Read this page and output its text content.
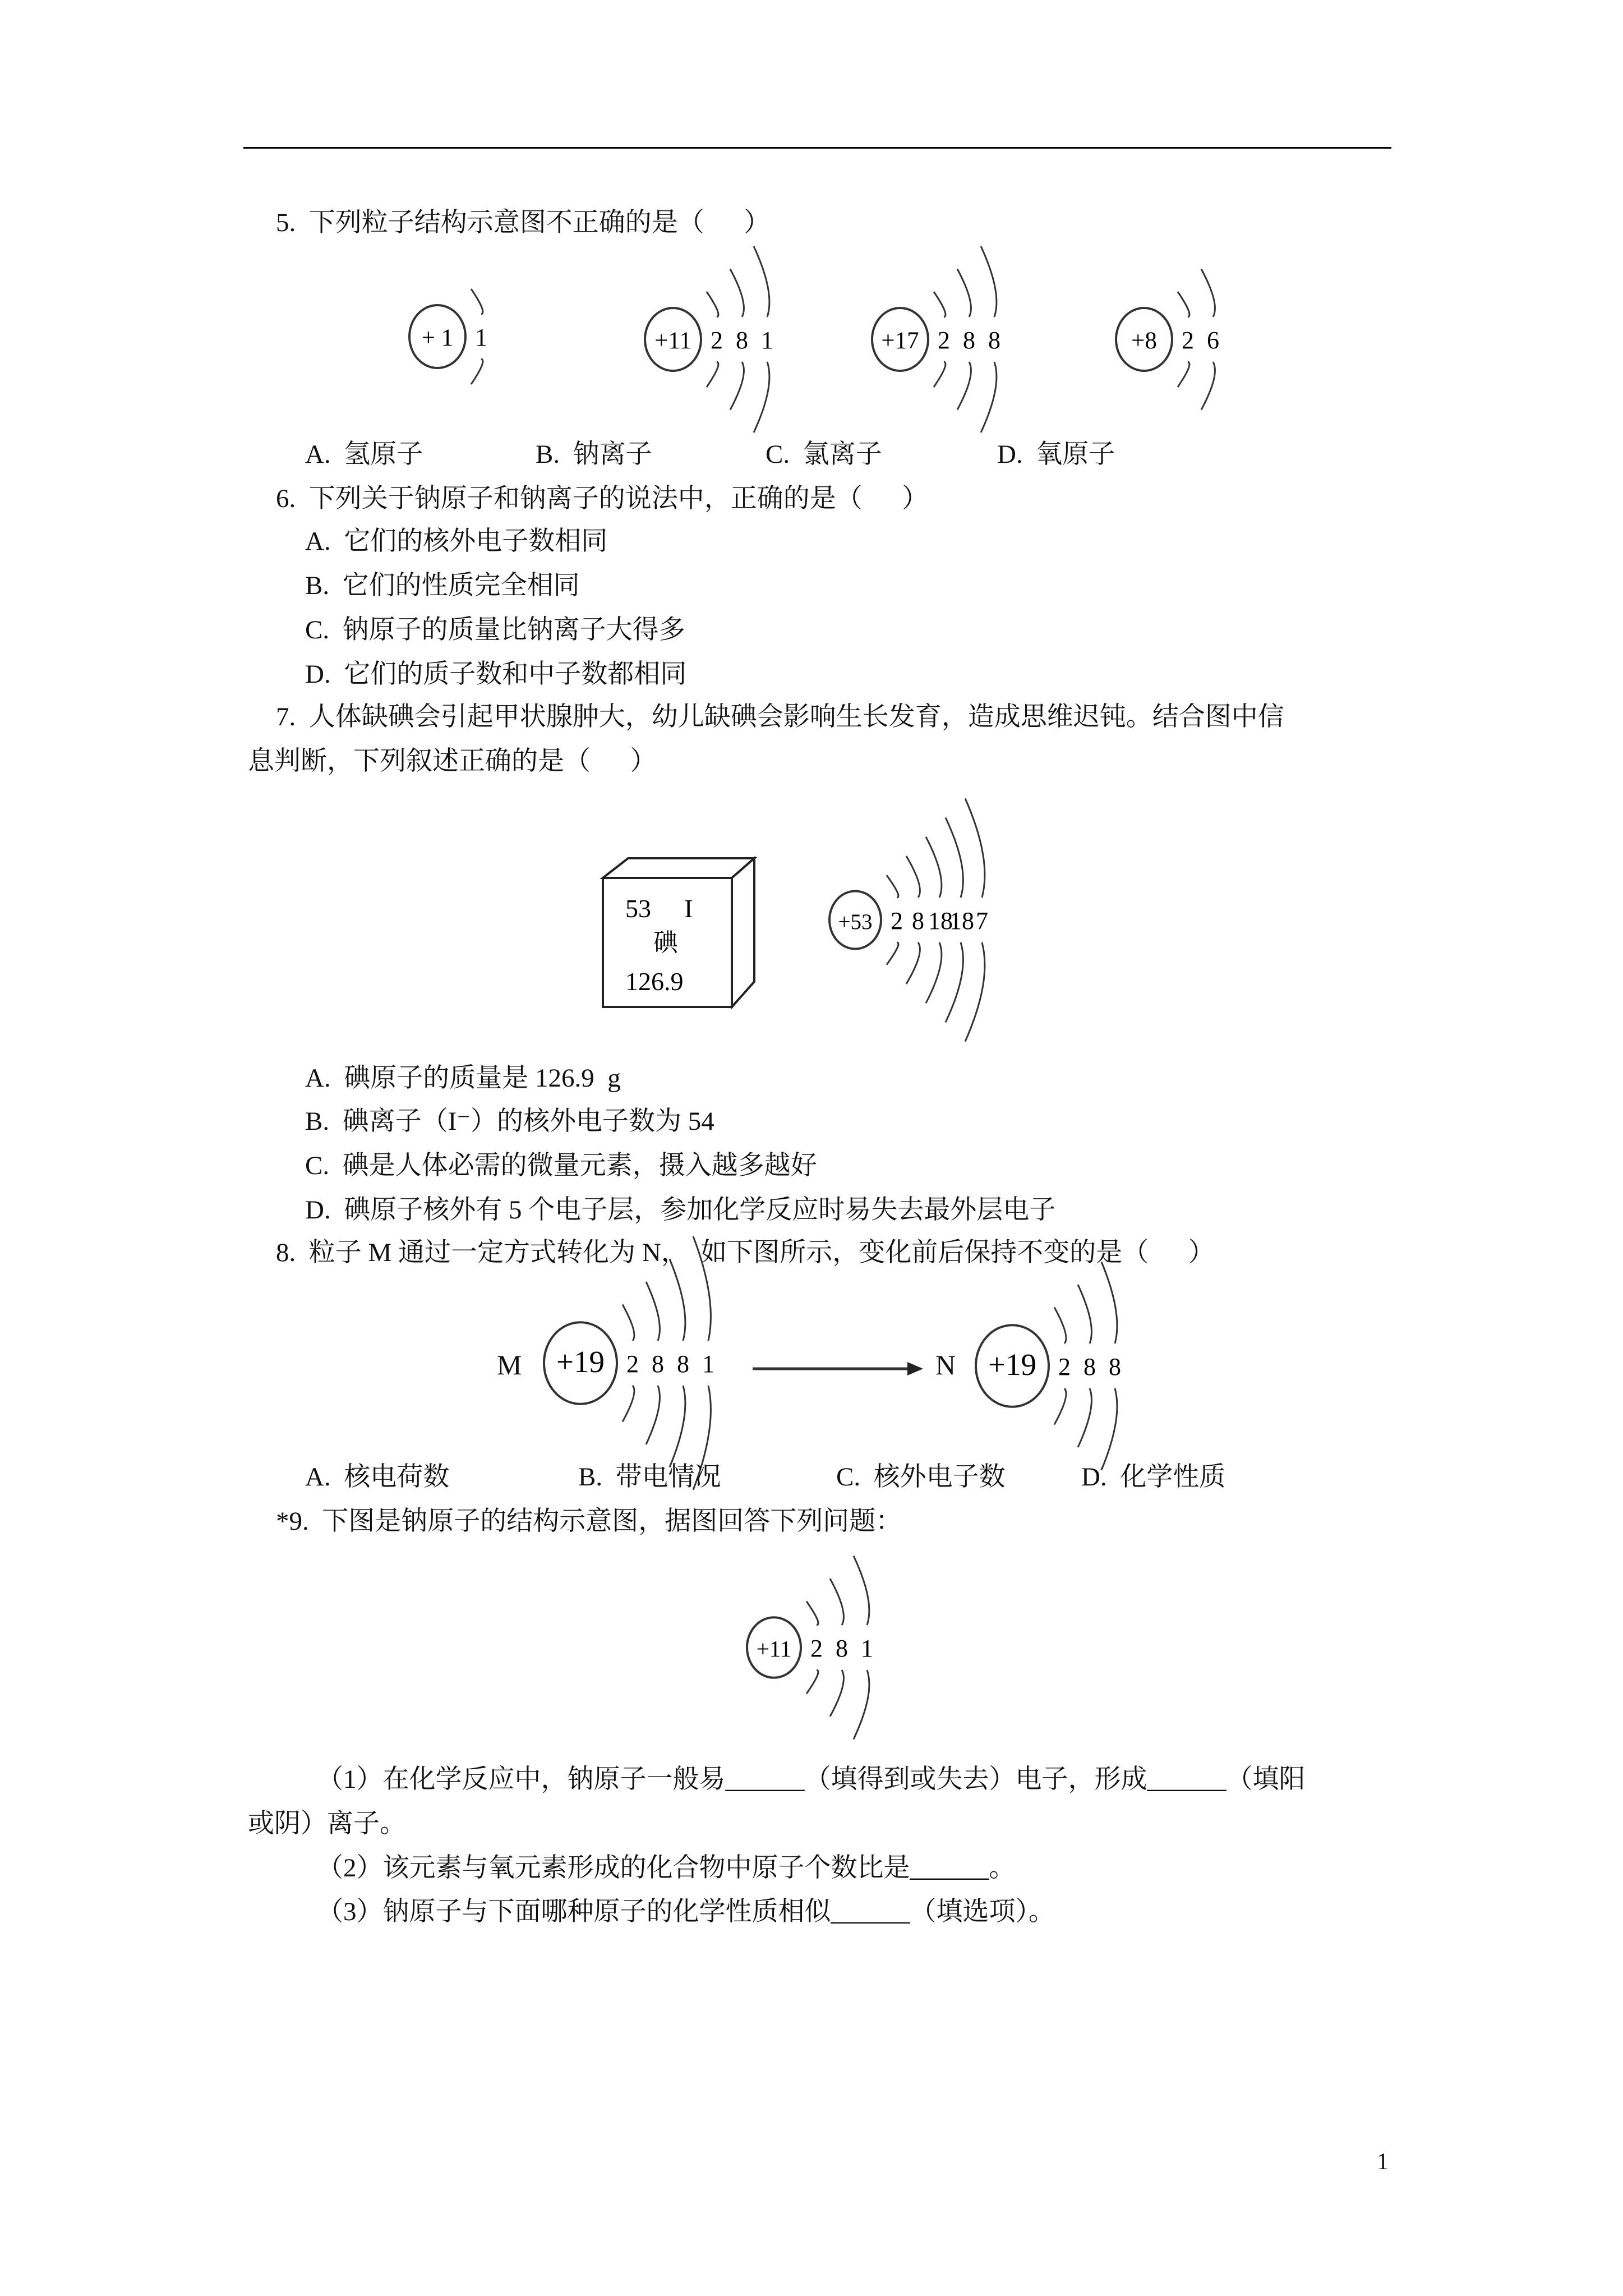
5.  下列粒子结构示意图不正确的是（      ）
+ 1 1	+11 2 8 1	+17 2 8 8	+8 2 6
A.  氢原子	B.  钠离子	C.  氯离子	D.  氧原子
6.  下列关于钠原子和钠离子的说法中，正确的是（      ）
A.  它们的核外电子数相同
B.  它们的性质完全相同
C.  钠原子的质量比钠离子大得多
D.  它们的质子数和中子数都相同
7.  人体缺碘会引起甲状腺肿大，幼儿缺碘会影响生长发育，造成思维迟钝。结合图中信
息判断，下列叙述正确的是（      ）
53 I
碘
126.9
+53 2 8 18
18 7
A.  碘原子的质量是 126.9  g
B.  碘离子（I⁻）的核外电子数为 54
C.  碘是人体必需的微量元素，摄入越多越好
D.  碘原子核外有 5 个电子层，参加化学反应时易失去最外层电子
8.  粒子 M 通过一定方式转化为 N，  如下图所示，变化前后保持不变的是（      ）
M +19 2 8 8 1	N +19 2 8 8
A.  核电荷数	B.  带电情况	C.  核外电子数	D.  化学性质
*9.  下图是钠原子的结构示意图，据图回答下列问题：
+11 2 8 1
（1）在化学反应中，钠原子一般易______（填得到或失去）电子，形成______（填阳
或阴）离子。
（2）该元素与氧元素形成的化合物中原子个数比是______。
（3）钠原子与下面哪种原子的化学性质相似______（填选项）。
1
